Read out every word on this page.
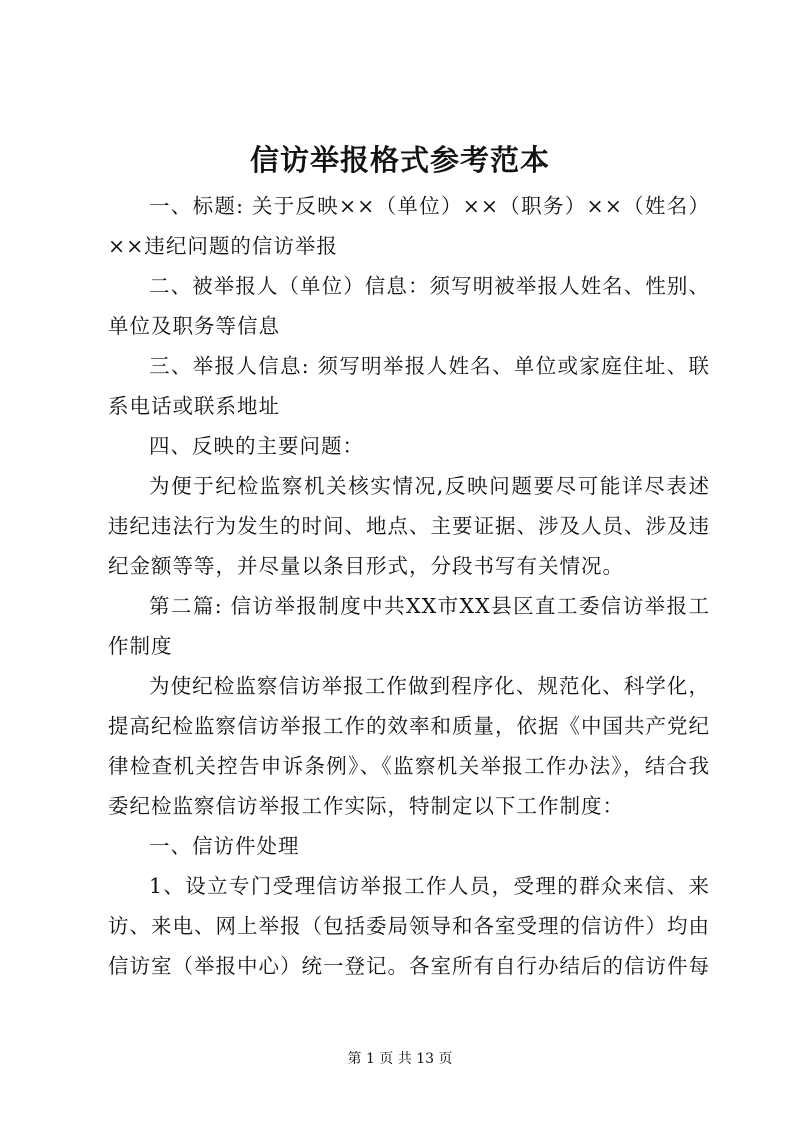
信访举报格式参考范本

一、标题: 关于反映××（单位）××（职务）××（姓名）××违纪问题的信访举报

二、被举报人（单位）信息：须写明被举报人姓名、性别、单位及职务等信息

三、举报人信息: 须写明举报人姓名、单位或家庭住址、联系电话或联系地址

四、反映的主要问题：

为便于纪检监察机关核实情况,反映问题要尽可能详尽表述违纪违法行为发生的时间、地点、主要证据、涉及人员、涉及违纪金额等等，并尽量以条目形式，分段书写有关情况。

第二篇: 信访举报制度中共XX市XX县区直工委信访举报工作制度

为使纪检监察信访举报工作做到程序化、规范化、科学化，提高纪检监察信访举报工作的效率和质量，依据《中国共产党纪律检查机关控告申诉条例》、《监察机关举报工作办法》，结合我委纪检监察信访举报工作实际，特制定以下工作制度：

一、信访件处理

1、设立专门受理信访举报工作人员，受理的群众来信、来访、来电、网上举报（包括委局领导和各室受理的信访件）均由信访室（举报中心）统一登记。各室所有自行办结后的信访件每

第 1 页 共 13 页
